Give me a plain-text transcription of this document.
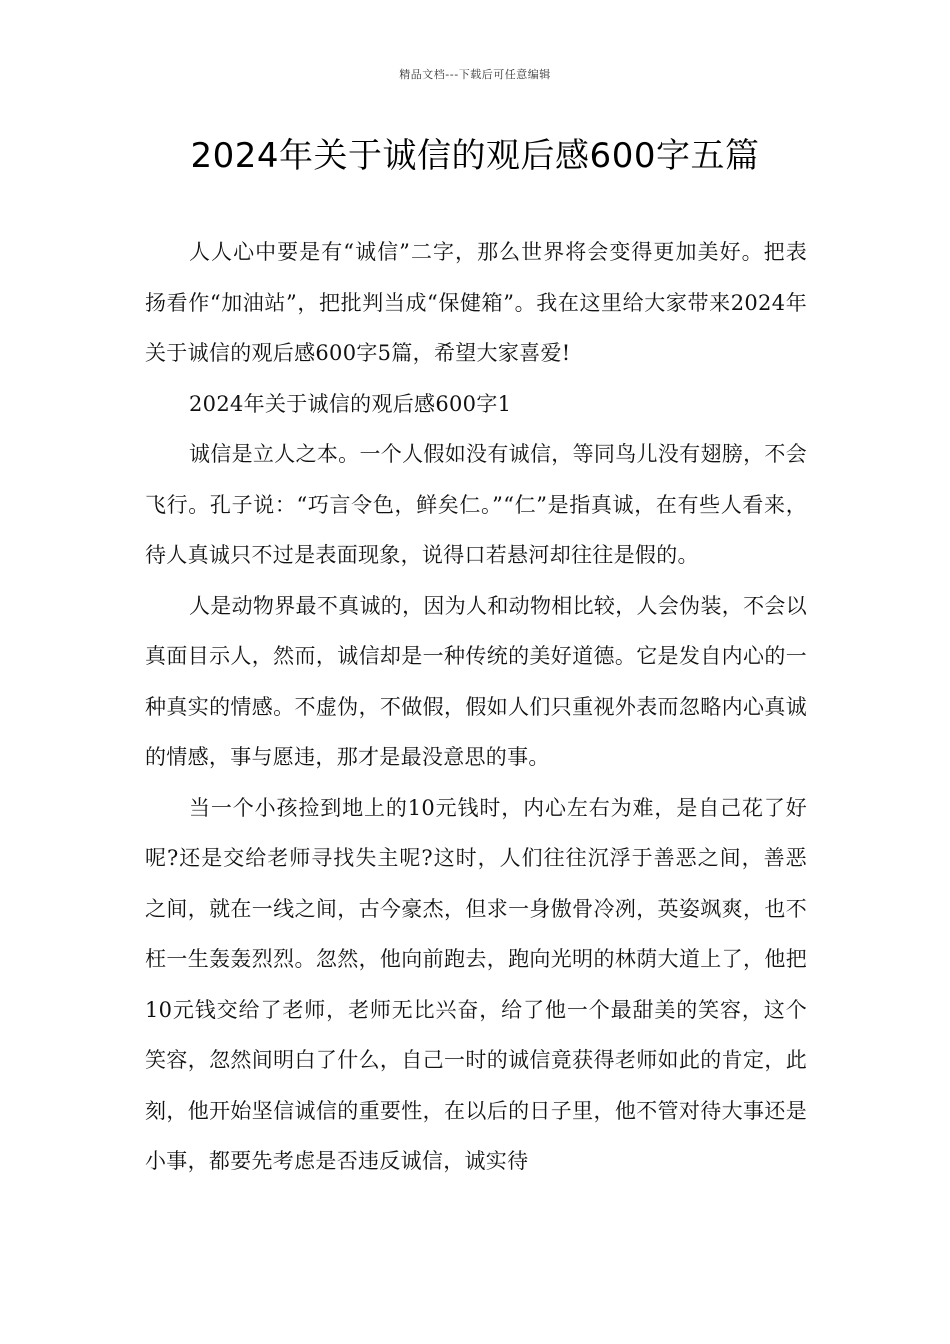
精品文档---下载后可任意编辑
2024年关于诚信的观后感600字五篇

人人心中要是有“诚信”二字，那么世界将会变得更加美好。把表扬看作“加油站”，把批判当成“保健箱”。我在这里给大家带来2024年关于诚信的观后感600字5篇，希望大家喜爱!

2024年关于诚信的观后感600字1

诚信是立人之本。一个人假如没有诚信，等同鸟儿没有翅膀，不会飞行。孔子说：“巧言令色，鲜矣仁。”“仁”是指真诚，在有些人看来，待人真诚只不过是表面现象，说得口若悬河却往往是假的。

人是动物界最不真诚的，因为人和动物相比较，人会伪装，不会以真面目示人，然而，诚信却是一种传统的美好道德。它是发自内心的一种真实的情感。不虚伪，不做假，假如人们只重视外表而忽略内心真诚的情感，事与愿违，那才是最没意思的事。

当一个小孩捡到地上的10元钱时，内心左右为难，是自己花了好呢?还是交给老师寻找失主呢?这时，人们往往沉浮于善恶之间，善恶之间，就在一线之间，古今豪杰，但求一身傲骨冷冽，英姿飒爽，也不枉一生轰轰烈烈。忽然，他向前跑去，跑向光明的林荫大道上了，他把10元钱交给了老师，老师无比兴奋，给了他一个最甜美的笑容，这个笑容，忽然间明白了什么，自己一时的诚信竟获得老师如此的肯定，此刻，他开始坚信诚信的重要性，在以后的日子里，他不管对待大事还是小事，都要先考虑是否违反诚信，诚实待
